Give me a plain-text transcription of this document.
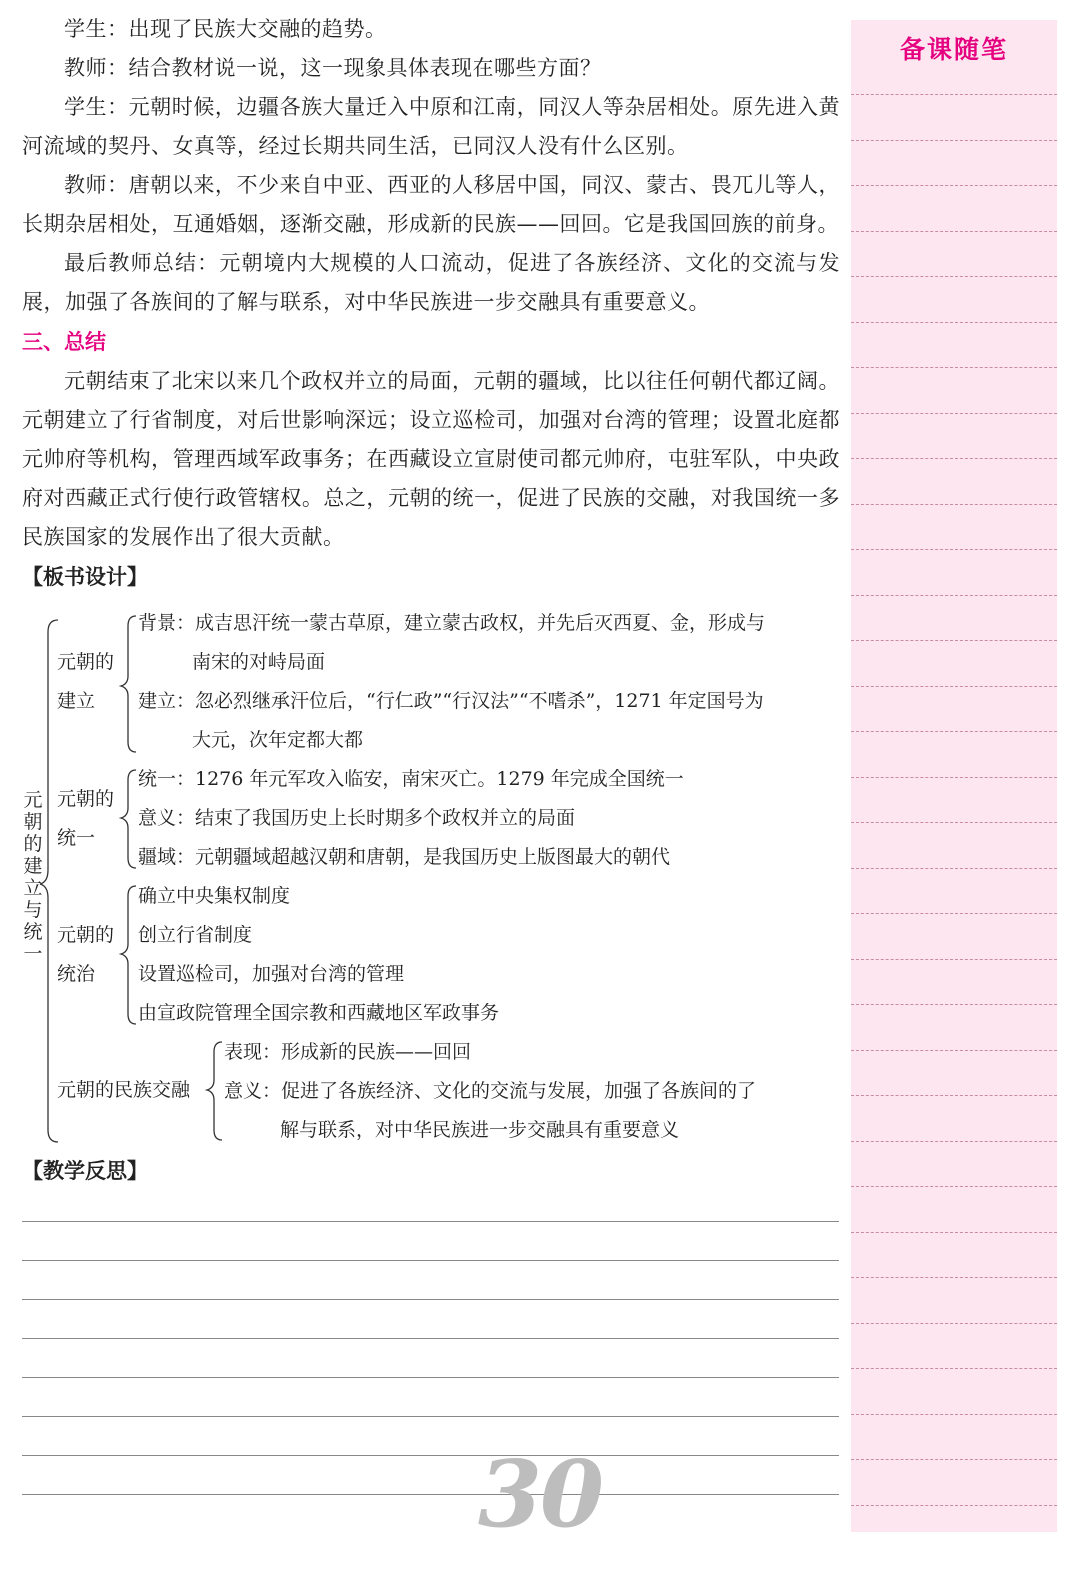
学生：出现了民族大交融的趋势。

教师：结合教材说一说，这一现象具体表现在哪些方面？

学生：元朝时候，边疆各族大量迁入中原和江南，同汉人等杂居相处。原先进入黄河流域的契丹、女真等，经过长期共同生活，已同汉人没有什么区别。

教师：唐朝以来，不少来自中亚、西亚的人移居中国，同汉、蒙古、畏兀儿等人，长期杂居相处，互通婚姻，逐渐交融，形成新的民族——回回。它是我国回族的前身。

最后教师总结：元朝境内大规模的人口流动，促进了各族经济、文化的交流与发展，加强了各族间的了解与联系，对中华民族进一步交融具有重要意义。

三、总结

元朝结束了北宋以来几个政权并立的局面，元朝的疆域，比以往任何朝代都辽阔。元朝建立了行省制度，对后世影响深远；设立巡检司，加强对台湾的管理；设置北庭都元帅府等机构，管理西域军政事务；在西藏设立宣尉使司都元帅府，屯驻军队，中央政府对西藏正式行使行政管辖权。总之，元朝的统一，促进了民族的交融，对我国统一多民族国家的发展作出了很大贡献。

【板书设计】

元朝的建立与统一
元朝的
建立
背景：成吉思汗统一蒙古草原，建立蒙古政权，并先后灭西夏、金，形成与
南宋的对峙局面
建立：忽必烈继承汗位后，“行仁政”“行汉法”“不嗜杀”，1271 年定国号为
大元，次年定都大都
元朝的
统一
统一：1276 年元军攻入临安，南宋灭亡。1279 年完成全国统一
意义：结束了我国历史上长时期多个政权并立的局面
疆域：元朝疆域超越汉朝和唐朝，是我国历史上版图最大的朝代
元朝的
统治
确立中央集权制度
创立行省制度
设置巡检司，加强对台湾的管理
由宣政院管理全国宗教和西藏地区军政事务
元朝的民族交融
表现：形成新的民族——回回
意义：促进了各族经济、文化的交流与发展，加强了各族间的了
解与联系，对中华民族进一步交融具有重要意义

【教学反思】

30
备课随笔
